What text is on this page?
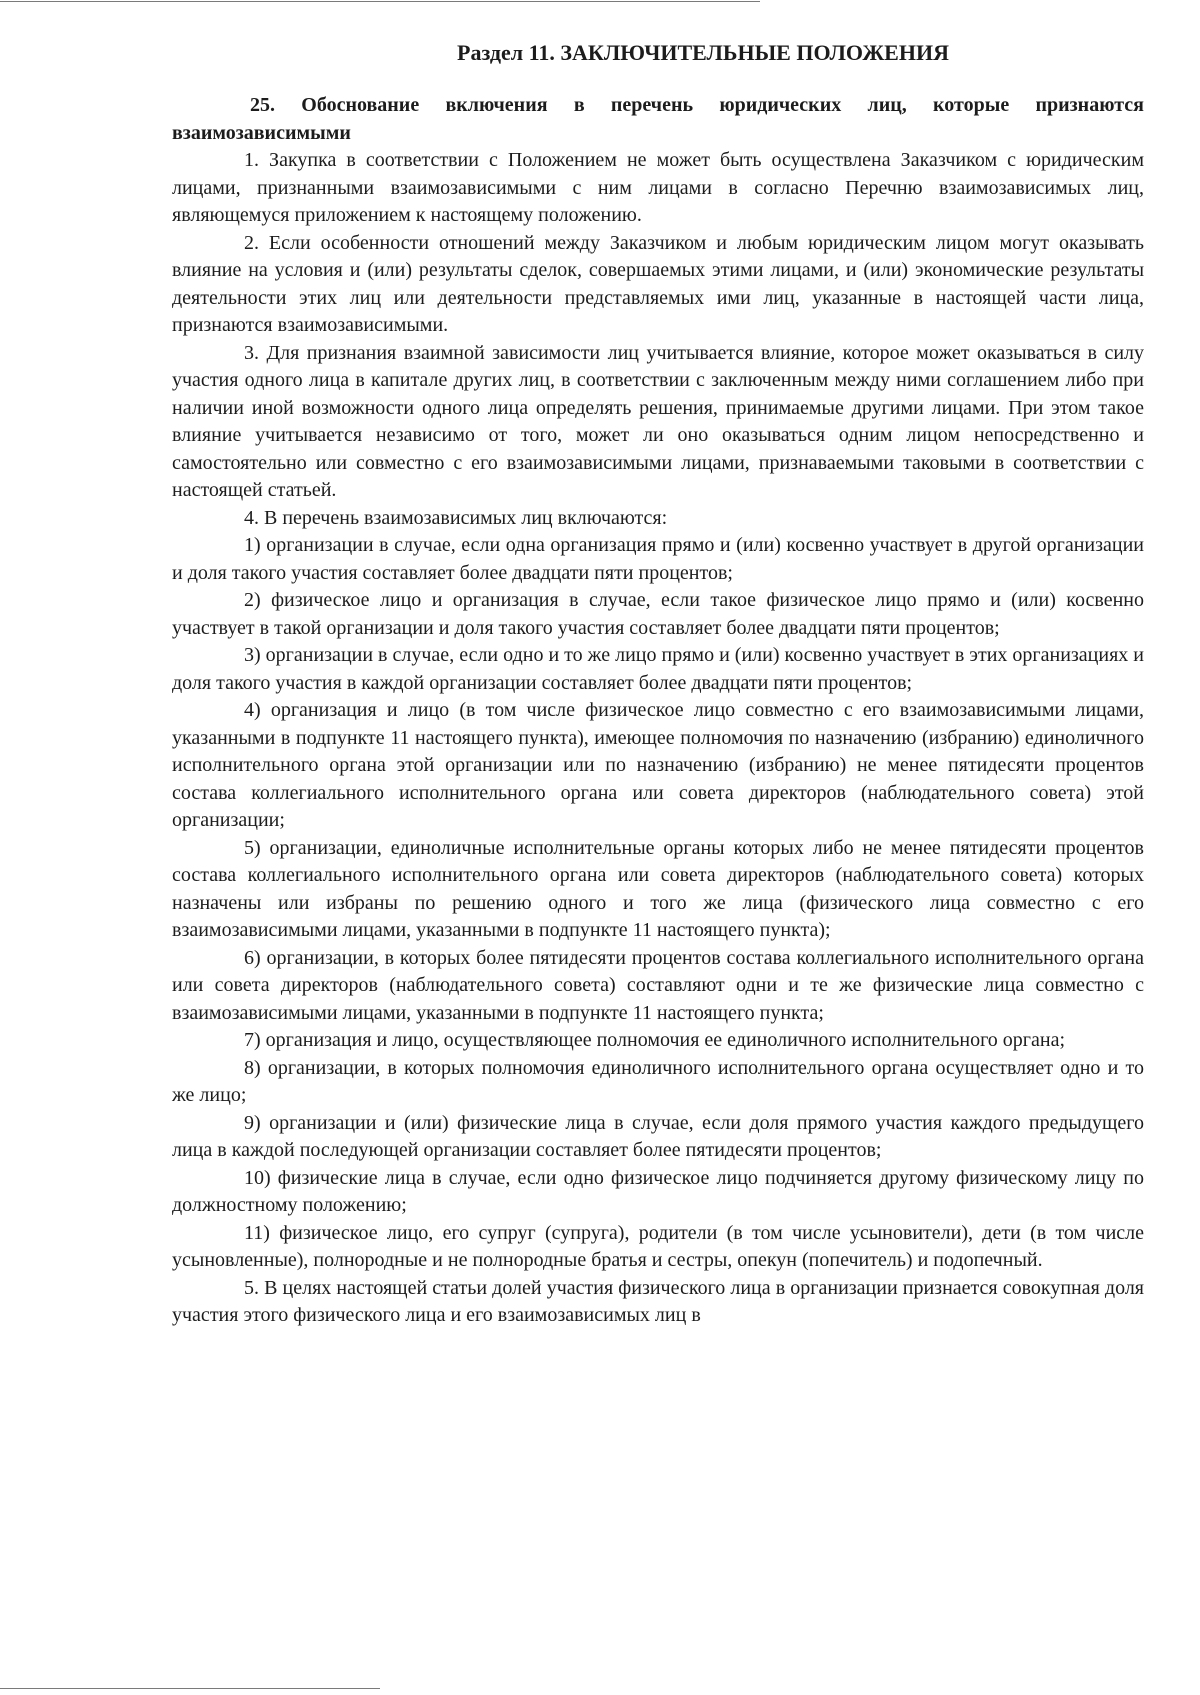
Раздел 11. ЗАКЛЮЧИТЕЛЬНЫЕ ПОЛОЖЕНИЯ

25. Обоснование включения в перечень юридических лиц, которые признаются взаимозависимыми

1. Закупка в соответствии с Положением не может быть осуществлена Заказчиком с юридическим лицами, признанными взаимозависимыми с ним лицами в согласно Перечню взаимозависимых лиц, являющемуся приложением к настоящему положению.

2. Если особенности отношений между Заказчиком и любым юридическим лицом могут оказывать влияние на условия и (или) результаты сделок, совершаемых этими лицами, и (или) экономические результаты деятельности этих лиц или деятельности представляемых ими лиц, указанные в настоящей части лица, признаются взаимозависимыми.

3. Для признания взаимной зависимости лиц учитывается влияние, которое может оказываться в силу участия одного лица в капитале других лиц, в соответствии с заключенным между ними соглашением либо при наличии иной возможности одного лица определять решения, принимаемые другими лицами. При этом такое влияние учитывается независимо от того, может ли оно оказываться одним лицом непосредственно и самостоятельно или совместно с его взаимозависимыми лицами, признаваемыми таковыми в соответствии с настоящей статьей.

4. В перечень взаимозависимых лиц включаются:

1) организации в случае, если одна организация прямо и (или) косвенно участвует в другой организации и доля такого участия составляет более двадцати пяти процентов;

2) физическое лицо и организация в случае, если такое физическое лицо прямо и (или) косвенно участвует в такой организации и доля такого участия составляет более двадцати пяти процентов;

3) организации в случае, если одно и то же лицо прямо и (или) косвенно участвует в этих организациях и доля такого участия в каждой организации составляет более двадцати пяти процентов;

4) организация и лицо (в том числе физическое лицо совместно с его взаимозависимыми лицами, указанными в подпункте 11 настоящего пункта), имеющее полномочия по назначению (избранию) единоличного исполнительного органа этой организации или по назначению (избранию) не менее пятидесяти процентов состава коллегиального исполнительного органа или совета директоров (наблюдательного совета) этой организации;

5) организации, единоличные исполнительные органы которых либо не менее пятидесяти процентов состава коллегиального исполнительного органа или совета директоров (наблюдательного совета) которых назначены или избраны по решению одного и того же лица (физического лица совместно с его взаимозависимыми лицами, указанными в подпункте 11 настоящего пункта);

6) организации, в которых более пятидесяти процентов состава коллегиального исполнительного органа или совета директоров (наблюдательного совета) составляют одни и те же физические лица совместно с взаимозависимыми лицами, указанными в подпункте 11 настоящего пункта;

7) организация и лицо, осуществляющее полномочия ее единоличного исполнительного органа;

8) организации, в которых полномочия единоличного исполнительного органа осуществляет одно и то же лицо;

9) организации и (или) физические лица в случае, если доля прямого участия каждого предыдущего лица в каждой последующей организации составляет более пятидесяти процентов;

10) физические лица в случае, если одно физическое лицо подчиняется другому физическому лицу по должностному положению;

11) физическое лицо, его супруг (супруга), родители (в том числе усыновители), дети (в том числе усыновленные), полнородные и не полнородные братья и сестры, опекун (попечитель) и подопечный.

5. В целях настоящей статьи долей участия физического лица в организации признается совокупная доля участия этого физического лица и его взаимозависимых лиц в
